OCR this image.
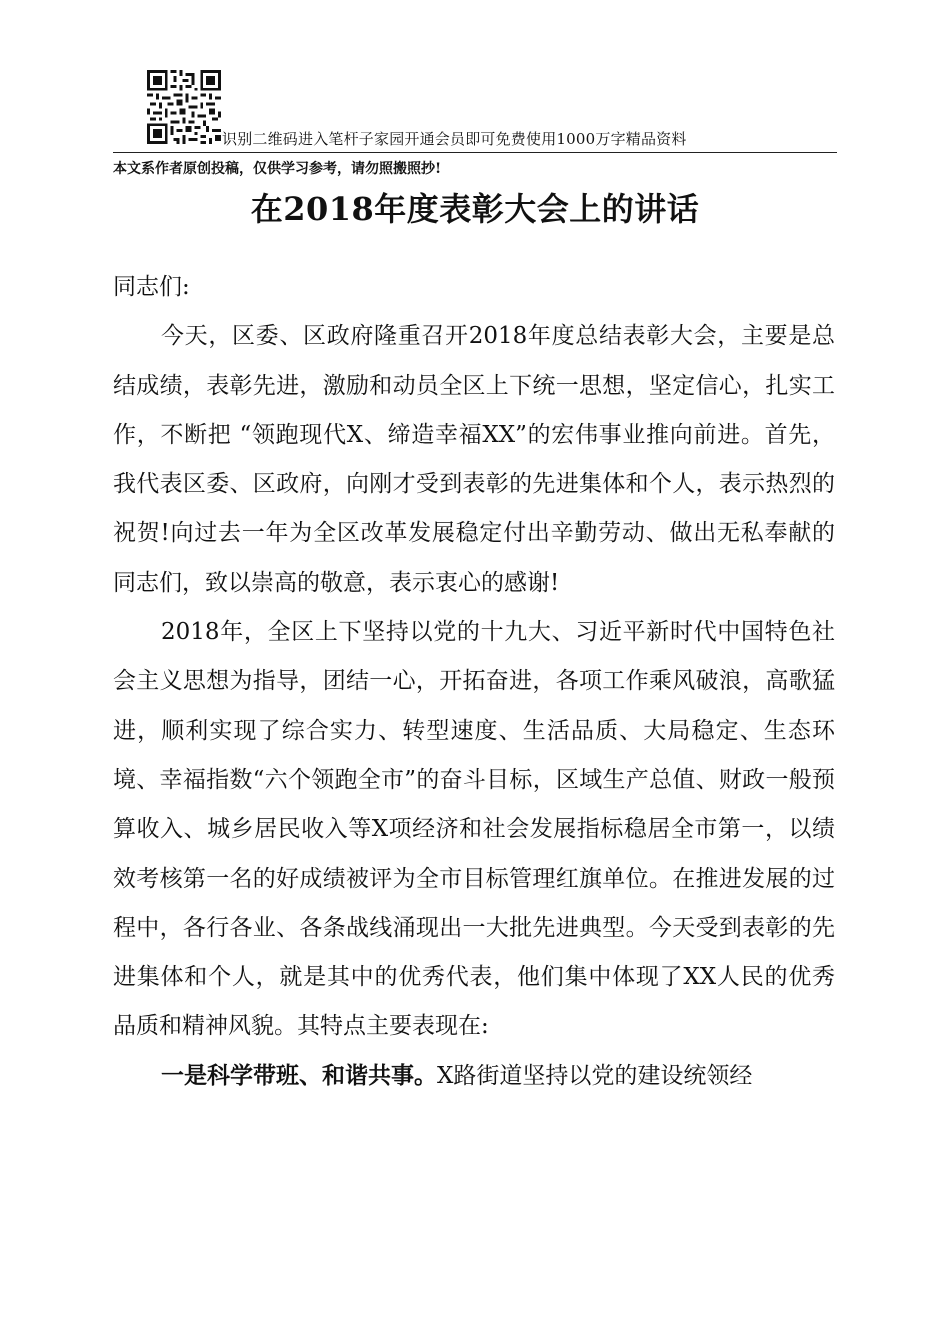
识别二维码进入笔杆子家园开通会员即可免费使用1000万字精品资料
本文系作者原创投稿，仅供学习参考，请勿照搬照抄!
在2018年度表彰大会上的讲话

同志们:

今天，区委、区政府隆重召开2018年度总结表彰大会，主要是总结成绩，表彰先进，激励和动员全区上下统一思想，坚定信心，扎实工作，不断把 “领跑现代X、缔造幸福XX”的宏伟事业推向前进。首先，我代表区委、区政府，向刚才受到表彰的先进集体和个人，表示热烈的祝贺!向过去一年为全区改革发展稳定付出辛勤劳动、做出无私奉献的同志们，致以崇高的敬意，表示衷心的感谢!

2018年，全区上下坚持以党的十九大、习近平新时代中国特色社会主义思想为指导，团结一心，开拓奋进，各项工作乘风破浪，高歌猛进，顺利实现了综合实力、转型速度、生活品质、大局稳定、生态环境、幸福指数“六个领跑全市”的奋斗目标，区域生产总值、财政一般预算收入、城乡居民收入等X项经济和社会发展指标稳居全市第一，以绩效考核第一名的好成绩被评为全市目标管理红旗单位。在推进发展的过程中，各行各业、各条战线涌现出一大批先进典型。今天受到表彰的先进集体和个人，就是其中的优秀代表，他们集中体现了XX人民的优秀品质和精神风貌。其特点主要表现在:

一是科学带班、和谐共事。X路街道坚持以党的建设统领经
